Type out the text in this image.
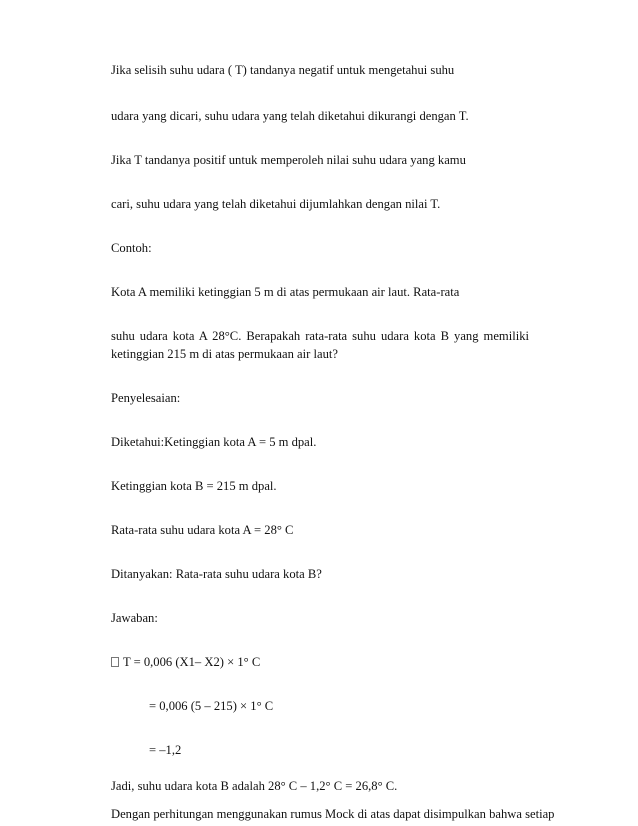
Jika selisih suhu udara ( T) tandanya negatif untuk mengetahui suhu

udara yang dicari, suhu udara yang telah diketahui dikurangi dengan T.

Jika T tandanya positif untuk memperoleh nilai suhu udara yang kamu

cari, suhu udara yang telah diketahui dijumlahkan dengan nilai T.

Contoh:

Kota A memiliki ketinggian 5 m di atas permukaan air laut. Rata-rata

suhu udara kota A 28°C. Berapakah rata-rata suhu udara kota B yang memiliki

ketinggian 215 m di atas permukaan air laut?

Penyelesaian:

Diketahui:Ketinggian kota A = 5 m dpal.

Ketinggian kota B = 215 m dpal.

Rata-rata suhu udara kota A = 28° C

Ditanyakan: Rata-rata suhu udara kota B?

Jawaban:

T = 0,006 (X1– X2) × 1° C

= 0,006 (5 – 215) × 1° C

= –1,2

Jadi, suhu udara kota B adalah 28° C – 1,2° C = 26,8° C.

Dengan perhitungan menggunakan rumus Mock di atas dapat disimpulkan bahwa setiap
